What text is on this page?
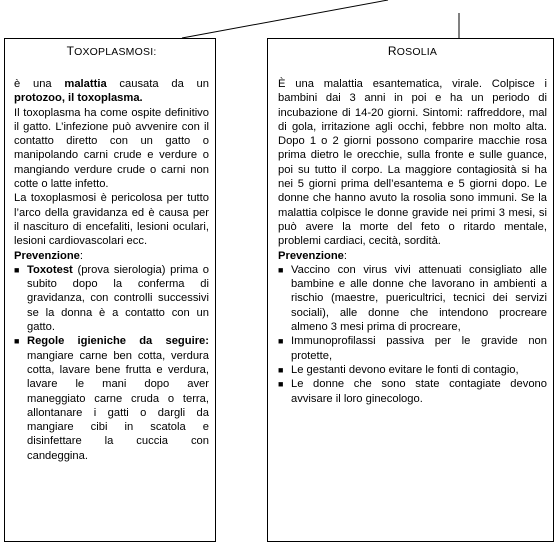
TOXOPLASMOSI:

è una malattia causata da un protozoo, il toxoplasma.

Il toxoplasma ha come ospite definitivo il gatto. L’infezione può avvenire con il contatto diretto con un gatto o manipolando carni crude e verdure o mangiando verdure crude o carni non cotte o latte infetto.

La toxoplasmosi è pericolosa per tutto l’arco della gravidanza ed è causa per il nascituro di encefaliti, lesioni oculari, lesioni cardiovascolari ecc.

Prevenzione:

■ Toxotest (prova sierologia) prima o subito dopo la conferma di gravidanza, con controlli successivi se la donna è a contatto con un gatto.
■ Regole igieniche da seguire: mangiare carne ben cotta, verdura cotta, lavare bene frutta e verdura, lavare le mani dopo aver maneggiato carne cruda o terra, allontanare i gatti o dargli da mangiare cibi in scatola e disinfettare la cuccia con candeggina.
ROSOLIA

È una malattia esantematica, virale. Colpisce i bambini dai 3 anni in poi e ha un periodo di incubazione di 14-20 giorni. Sintomi: raffreddore, mal di gola, irritazione agli occhi, febbre non molto alta. Dopo 1 o 2 giorni possono comparire macchie rosa prima dietro le orecchie, sulla fronte e sulle guance, poi su tutto il corpo. La maggiore contagiosità si ha nei 5 giorni prima dell’esantema e 5 giorni dopo. Le donne che hanno avuto la rosolia sono immuni. Se la malattia colpisce le donne gravide nei primi 3 mesi, si può avere la morte del feto o ritardo mentale, problemi cardiaci, cecità, sordità.

Prevenzione:

■ Vaccino con virus vivi attenuati consigliato alle bambine e alle donne che lavorano in ambienti a rischio (maestre, puericultrici, tecnici dei servizi sociali), alle donne che intendono procreare almeno 3 mesi prima di procreare,
■ Immunoprofilassi passiva per le gravide non protette,
■ Le gestanti devono evitare le fonti di contagio,
■ Le donne che sono state contagiate devono avvisare il loro ginecologo.
